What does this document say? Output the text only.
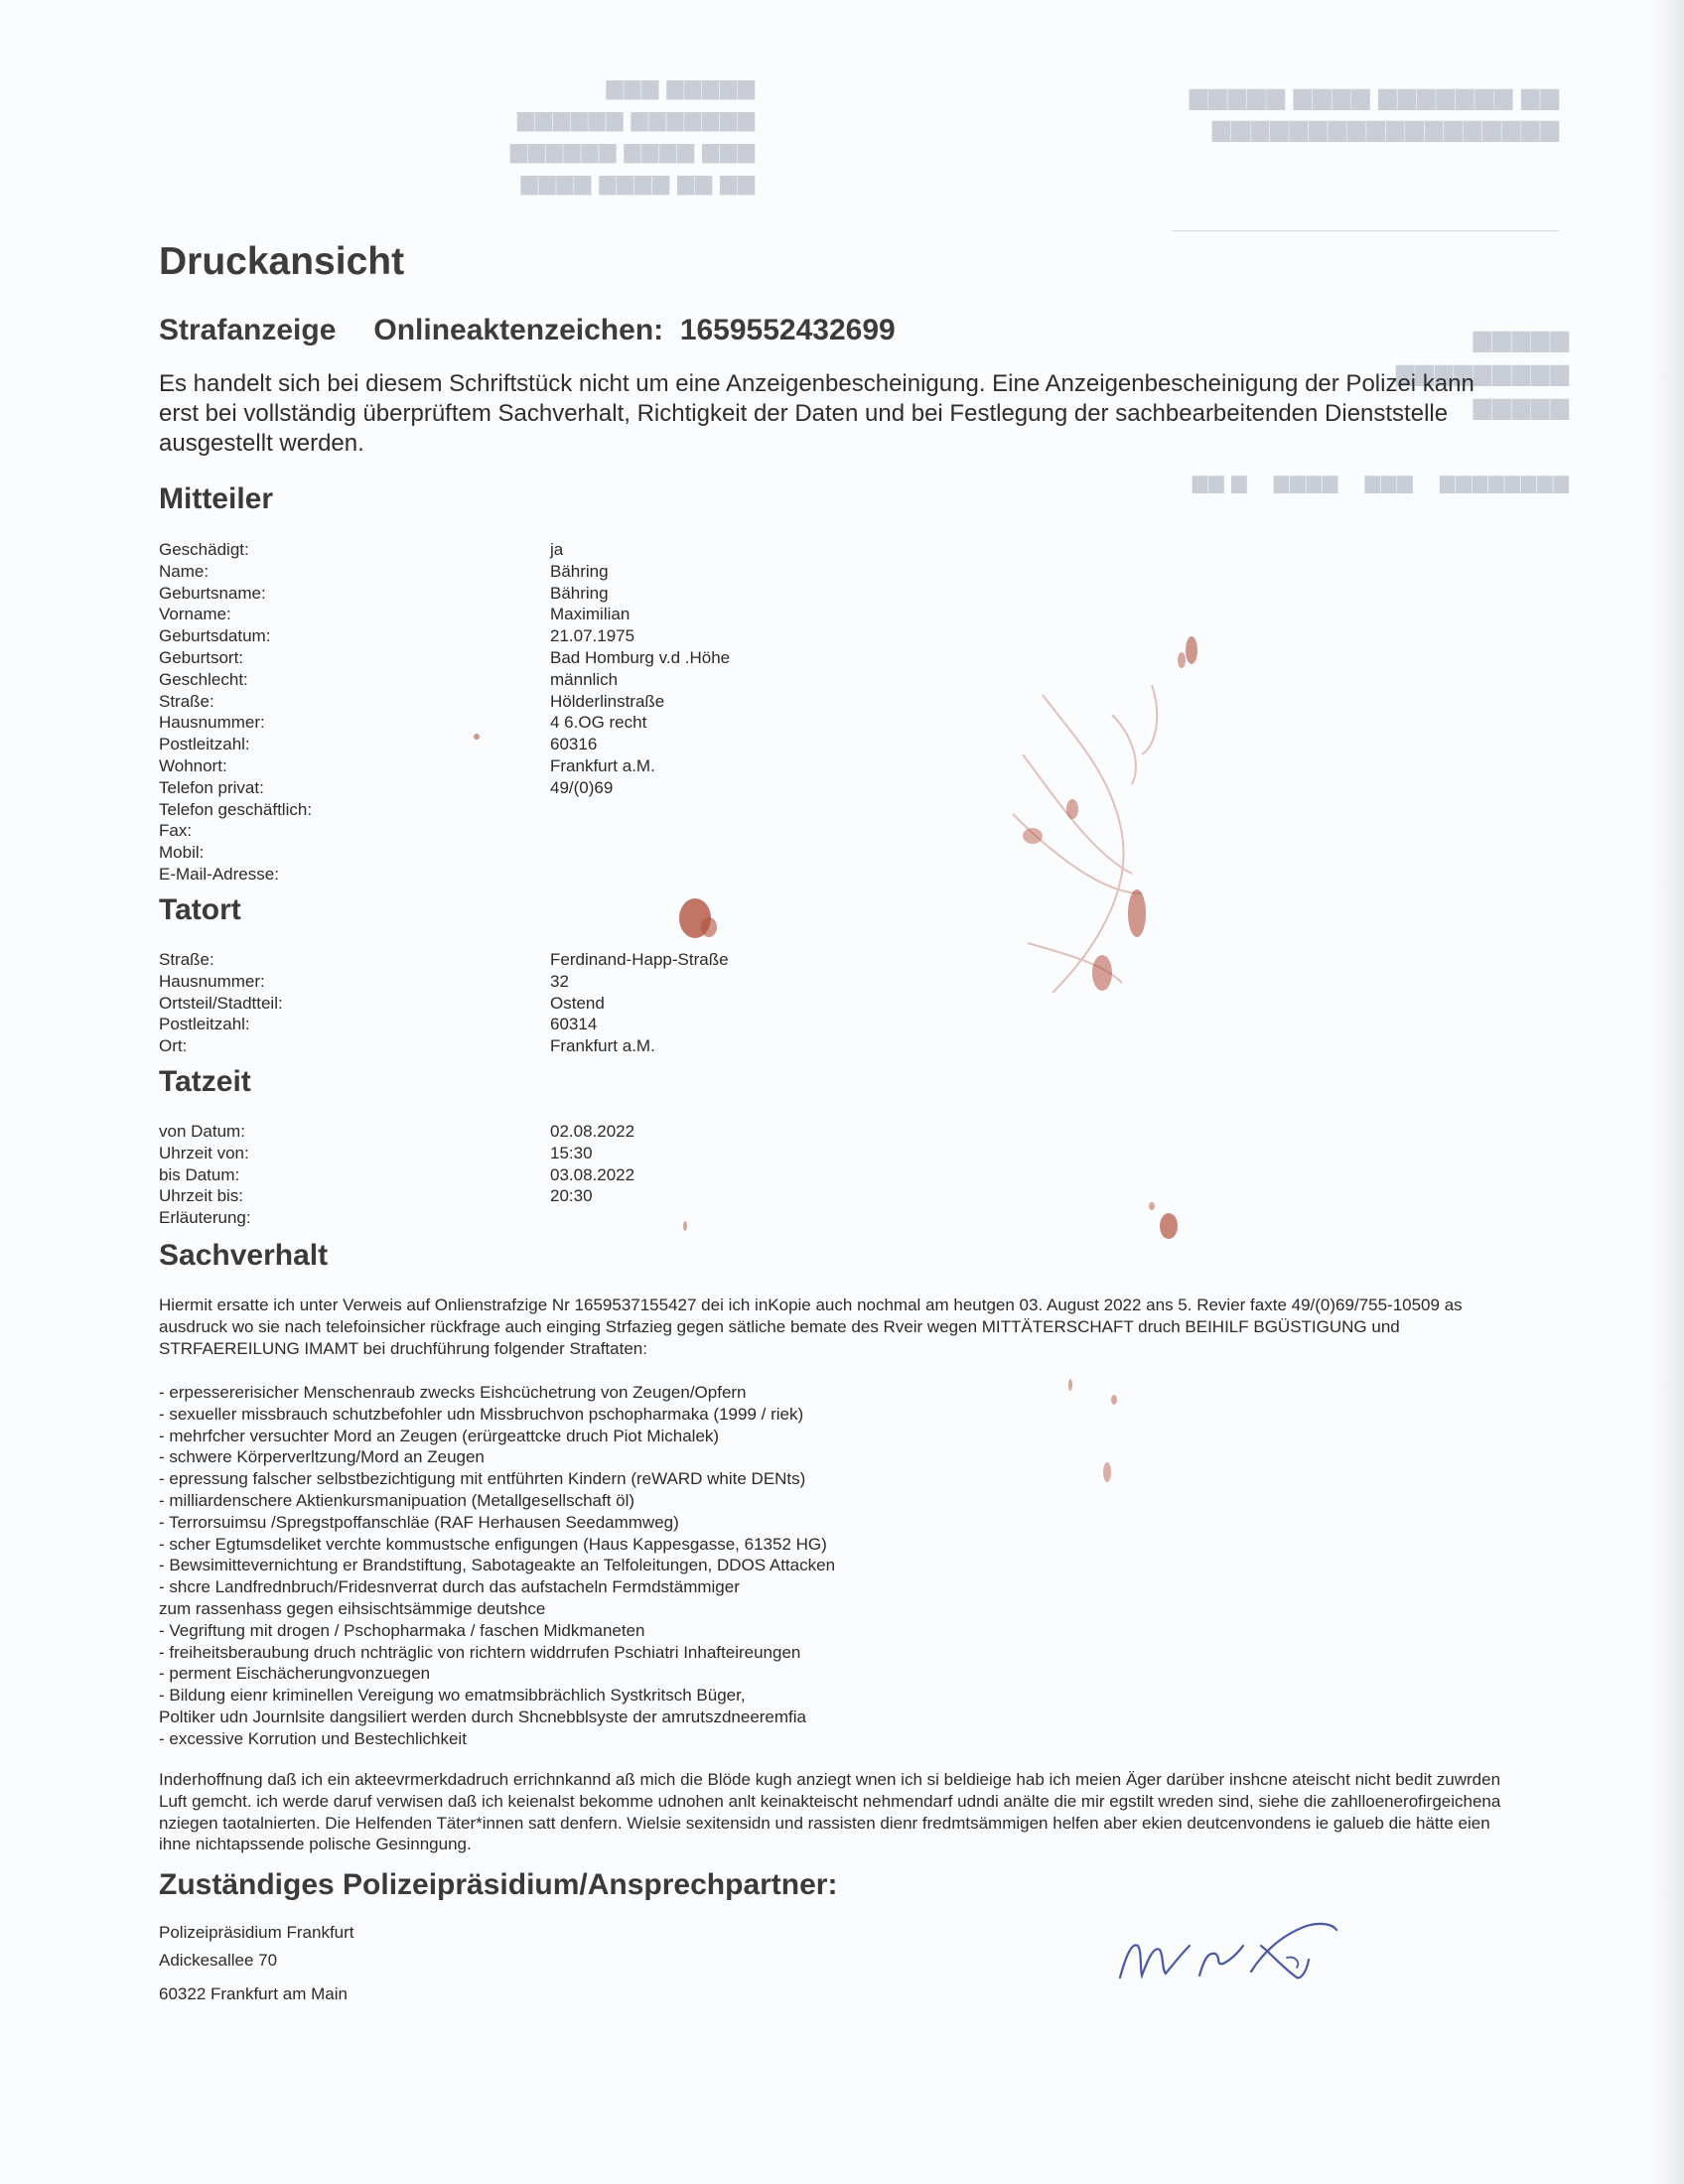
▆▆▆▆▆ ▆▆▆
▆▆▆▆▆▆▆ ▆▆▆▆▆▆
▆▆▆ ▆▆▆▆ ▆▆▆▆▆▆
▆▆ ▆▆ ▆▆▆▆ ▆▆▆▆
▆▆ ▆▆▆▆▆▆▆ ▆▆▆▆ ▆▆▆▆▆
▆▆▆▆▆▆▆▆▆▆▆▆▆▆▆▆▆▆
▆▆▆▆▆ ▆▆▆▆▆▆▆▆▆
▆▆▆▆▆
▆▆▆▆▆▆▆▆    ▆▆▆    ▆▆▆▆    ▆ ▆▆
Druckansicht
Strafanzeige Onlineaktenzeichen: 1659552432699

Es handelt sich bei diesem Schriftstück nicht um eine Anzeigenbescheinigung. Eine Anzeigenbescheinigung der Polizei kann erst bei vollständig überprüftem Sachverhalt, Richtigkeit der Daten und bei Festlegung der sachbearbeitenden Dienststelle ausgestellt werden.

Mitteiler
Geschädigt:	ja
Name:	Bähring
Geburtsname:	Bähring
Vorname:	Maximilian
Geburtsdatum:	21.07.1975
Geburtsort:	Bad Homburg v.d .Höhe
Geschlecht:	männlich
Straße:	Hölderlinstraße
Hausnummer:	4 6.OG recht
Postleitzahl:	60316
Wohnort:	Frankfurt a.M.
Telefon privat:	49/(0)69
Telefon geschäftlich:
Fax:
Mobil:
E-Mail-Adresse:
Tatort
Straße:	Ferdinand-Happ-Straße
Hausnummer:	32
Ortsteil/Stadtteil:	Ostend
Postleitzahl:	60314
Ort:	Frankfurt a.M.
Tatzeit
von Datum:	02.08.2022
Uhrzeit von:	15:30
bis Datum:	03.08.2022
Uhrzeit bis:	20:30
Erläuterung:
Sachverhalt

Hiermit ersatte ich unter Verweis auf Onlienstrafzige Nr 1659537155427 dei ich inKopie auch nochmal am heutgen 03. August 2022 ans 5. Revier faxte 49/(0)69/755-10509 as ausdruck wo sie nach telefoinsicher rückfrage auch einging Strfazieg gegen sätliche bemate des Rveir wegen MITTÄTERSCHAFT druch BEIHILF BGÜSTIGUNG und STRFAEREILUNG IMAMT bei druchführung folgender Straftaten:

- erpessererisicher Menschenraub zwecks Eishcüchetrung von Zeugen/Opfern
- sexueller missbrauch schutzbefohler udn Missbruchvon pschopharmaka (1999 / riek)
- mehrfcher versuchter Mord an Zeugen (erürgeattcke druch Piot Michalek)
- schwere Körperverltzung/Mord an Zeugen
- epressung falscher selbstbezichtigung mit entführten Kindern (reWARD white DENts)
- milliardenschere Aktienkursmanipuation (Metallgesellschaft öl)
- Terrorsuimsu /Spregstpoffanschläe (RAF Herhausen Seedammweg)
- scher Egtumsdeliket verchte kommustsche enfigungen (Haus Kappesgasse, 61352 HG)
- Bewsimittevernichtung er Brandstiftung, Sabotageakte an Telfoleitungen, DDOS Attacken
- shcre Landfrednbruch/Fridesnverrat durch das aufstacheln Fermdstämmiger
zum rassenhass gegen eihsischtsämmige deutshce
- Vegriftung mit drogen / Pschopharmaka / faschen Midkmaneten
- freiheitsberaubung druch nchträglic von richtern widdrrufen Pschiatri Inhafteireungen
- perment Eischächerungvonzuegen
- Bildung eienr kriminellen Vereigung wo ematmsibbrächlich Systkritsch Büger,
Poltiker udn Journlsite dangsiliert werden durch Shcnebblsyste der amrutszdneeremfia
- excessive Korrution und Bestechlichkeit

Inderhoffnung daß ich ein akteevrmerkdadruch errichnkannd aß mich die Blöde kugh anziegt wnen ich si beldieige hab ich meien Äger darüber inshcne ateischt nicht bedit zuwrden Luft gemcht. ich werde daruf verwisen daß ich keienalst bekomme udnohen anlt keinakteischt nehmendarf udndi anälte die mir egstilt wreden sind, siehe die zahlloenerofirgeichena nziegen taotalnierten. Die Helfenden Täter*innen satt denfern. Wielsie sexitensidn und rassisten dienr fredmtsämmigen helfen aber ekien deutcenvondens ie galueb die hätte eien ihne nichtapssende polische Gesinngung.

Zuständiges Polizeipräsidium/Ansprechpartner:

Polizeipräsidium Frankfurt

Adickesallee 70

60322 Frankfurt am Main
